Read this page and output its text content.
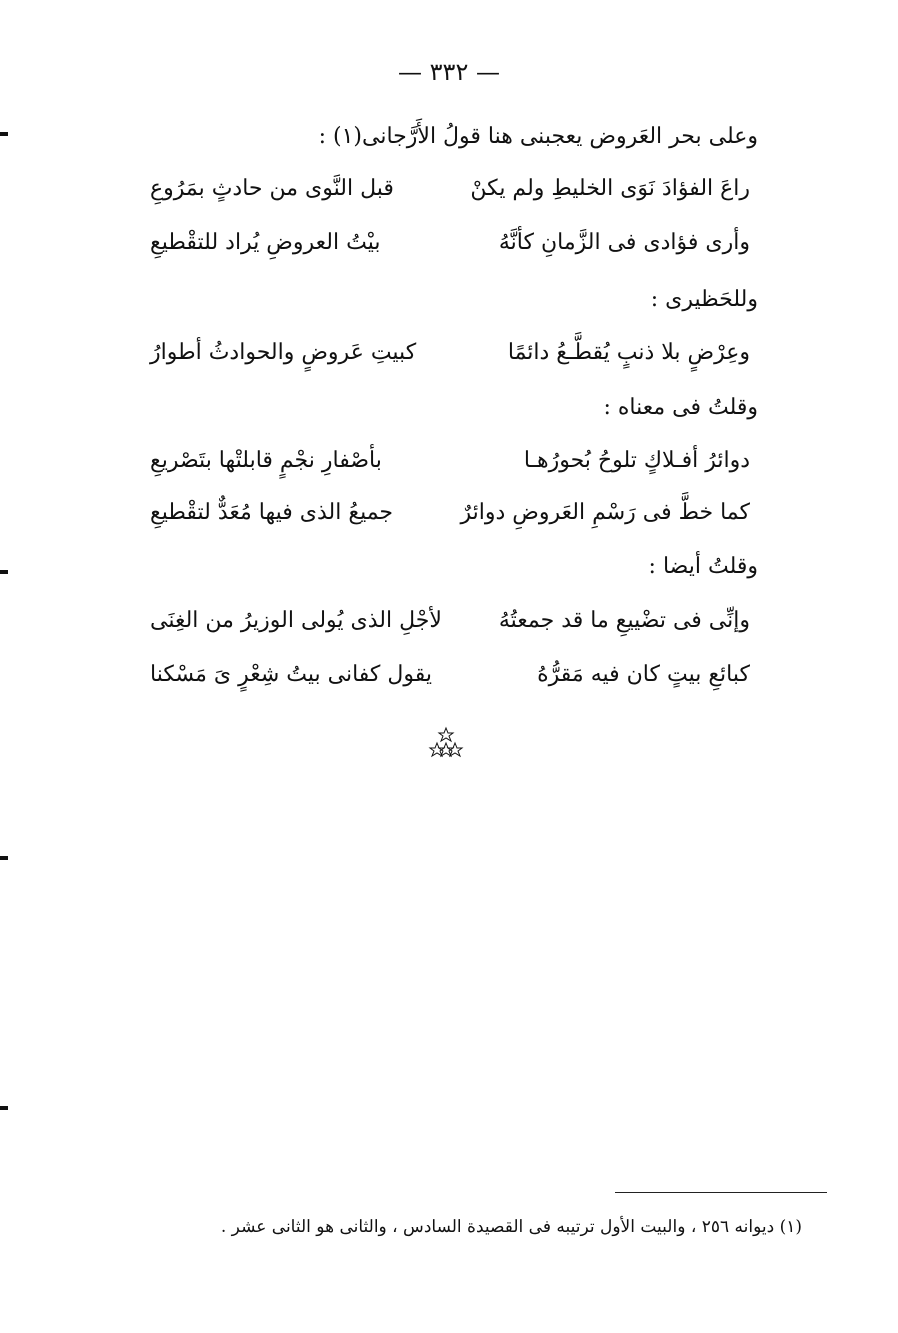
— ٣٣٢ —
وعلى بحر العَروض يعجبنى هنا قولُ الأَرَّجانى(١) :
راعَ الفؤادَ نَوَى الخليطِ ولم يكنْ
قبل النَّوى من حادثٍ بمَرُوعِ
وأرى فؤادى فى الزَّمانِ كأنَّهُ
بيْتُ العروضِ يُراد للتقْطيعِ
وللحَظيرى :
وعِرْضٍ بلا ذنبٍ يُقطَّـعُ دائمًا
كبيتِ عَروضٍ والحوادثُ أطوارُ
وقلتُ فى معناه :
دوائرُ أفـلاكٍ تلوحُ بُحورُهـا
بأصْفارِ نجْمٍ قابلتْها بتَصْريعِ
كما خطَّ فى رَسْمِ العَروضِ دوائرٌ
جميعُ الذى فيها مُعَدٌّ لتقْطيعِ
وقلتُ أيضا :
وإنِّى فى تضْييعِ ما قد جمعتُهُ
لأجْلِ الذى يُولى الوزيرُ من الغِنَى
كبائعِ بيتٍ كان فيه مَقرُّهُ
يقول كفانى بيتُ شِعْرٍ ىَ مَسْكنا
(١) ديوانه ٢٥٦ ، والبيت الأول ترتيبه فى القصيدة السادس ، والثانى هو الثانى عشر .
